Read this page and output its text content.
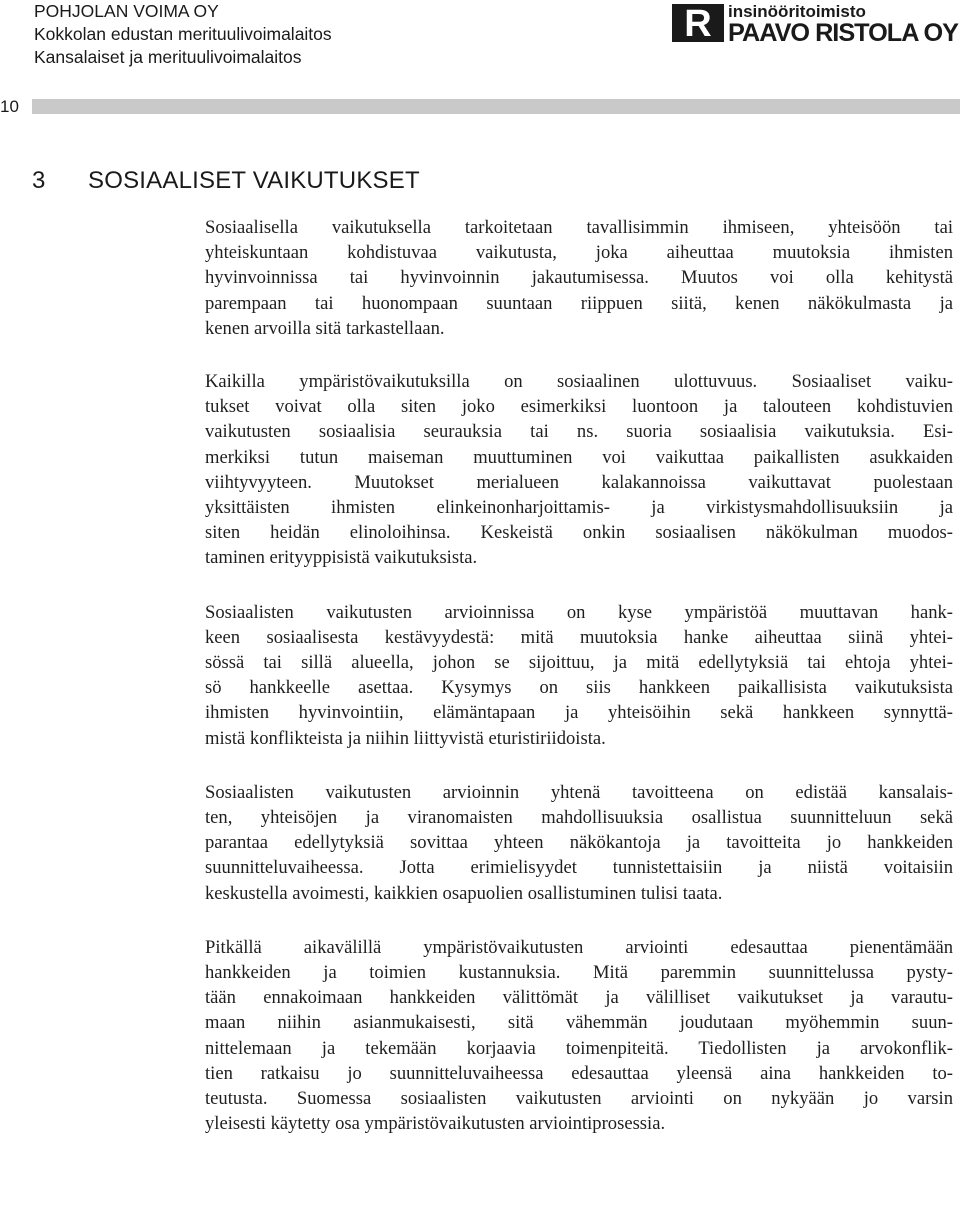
POHJOLAN VOIMA OY
Kokkolan edustan merituulivoimalaitos
Kansalaiset ja merituulivoimalaitos
R insinööritoimisto
PAAVO RISTOLA OY
10
3 SOSIAALISET VAIKUTUKSET

Sosiaalisella vaikutuksella tarkoitetaan tavallisimmin ihmiseen, yhteisöön tai
yhteiskuntaan kohdistuvaa vaikutusta, joka aiheuttaa muutoksia ihmisten
hyvinvoinnissa tai hyvinvoinnin jakautumisessa. Muutos voi olla kehitystä
parempaan tai huonompaan suuntaan riippuen siitä, kenen näkökulmasta ja
kenen arvoilla sitä tarkastellaan.

Kaikilla ympäristövaikutuksilla on sosiaalinen ulottuvuus. Sosiaaliset vaiku-
tukset voivat olla siten joko esimerkiksi luontoon ja talouteen kohdistuvien
vaikutusten sosiaalisia seurauksia tai ns. suoria sosiaalisia vaikutuksia. Esi-
merkiksi tutun maiseman muuttuminen voi vaikuttaa paikallisten asukkaiden
viihtyvyyteen. Muutokset merialueen kalakannoissa vaikuttavat puolestaan
yksittäisten ihmisten elinkeinonharjoittamis- ja virkistysmahdollisuuksiin ja
siten heidän elinoloihinsa. Keskeistä onkin sosiaalisen näkökulman muodos-
taminen erityyppisistä vaikutuksista.

Sosiaalisten vaikutusten arvioinnissa on kyse ympäristöä muuttavan hank-
keen sosiaalisesta kestävyydestä: mitä muutoksia hanke aiheuttaa siinä yhtei-
sössä tai sillä alueella, johon se sijoittuu, ja mitä edellytyksiä tai ehtoja yhtei-
sö hankkeelle asettaa. Kysymys on siis hankkeen paikallisista vaikutuksista
ihmisten hyvinvointiin, elämäntapaan ja yhteisöihin sekä hankkeen synnyttä-
mistä konflikteista ja niihin liittyvistä eturistiriidoista.

Sosiaalisten vaikutusten arvioinnin yhtenä tavoitteena on edistää kansalais-
ten, yhteisöjen ja viranomaisten mahdollisuuksia osallistua suunnitteluun sekä
parantaa edellytyksiä sovittaa yhteen näkökantoja ja tavoitteita jo hankkeiden
suunnitteluvaiheessa. Jotta erimielisyydet tunnistettaisiin ja niistä voitaisiin
keskustella avoimesti, kaikkien osapuolien osallistuminen tulisi taata.

Pitkällä aikavälillä ympäristövaikutusten arviointi edesauttaa pienentämään
hankkeiden ja toimien kustannuksia. Mitä paremmin suunnittelussa pysty-
tään ennakoimaan hankkeiden välittömät ja välilliset vaikutukset ja varautu-
maan niihin asianmukaisesti, sitä vähemmän joudutaan myöhemmin suun-
nittelemaan ja tekemään korjaavia toimenpiteitä. Tiedollisten ja arvokonflik-
tien ratkaisu jo suunnitteluvaiheessa edesauttaa yleensä aina hankkeiden to-
teutusta. Suomessa sosiaalisten vaikutusten arviointi on nykyään jo varsin
yleisesti käytetty osa ympäristövaikutusten arviointiprosessia.
